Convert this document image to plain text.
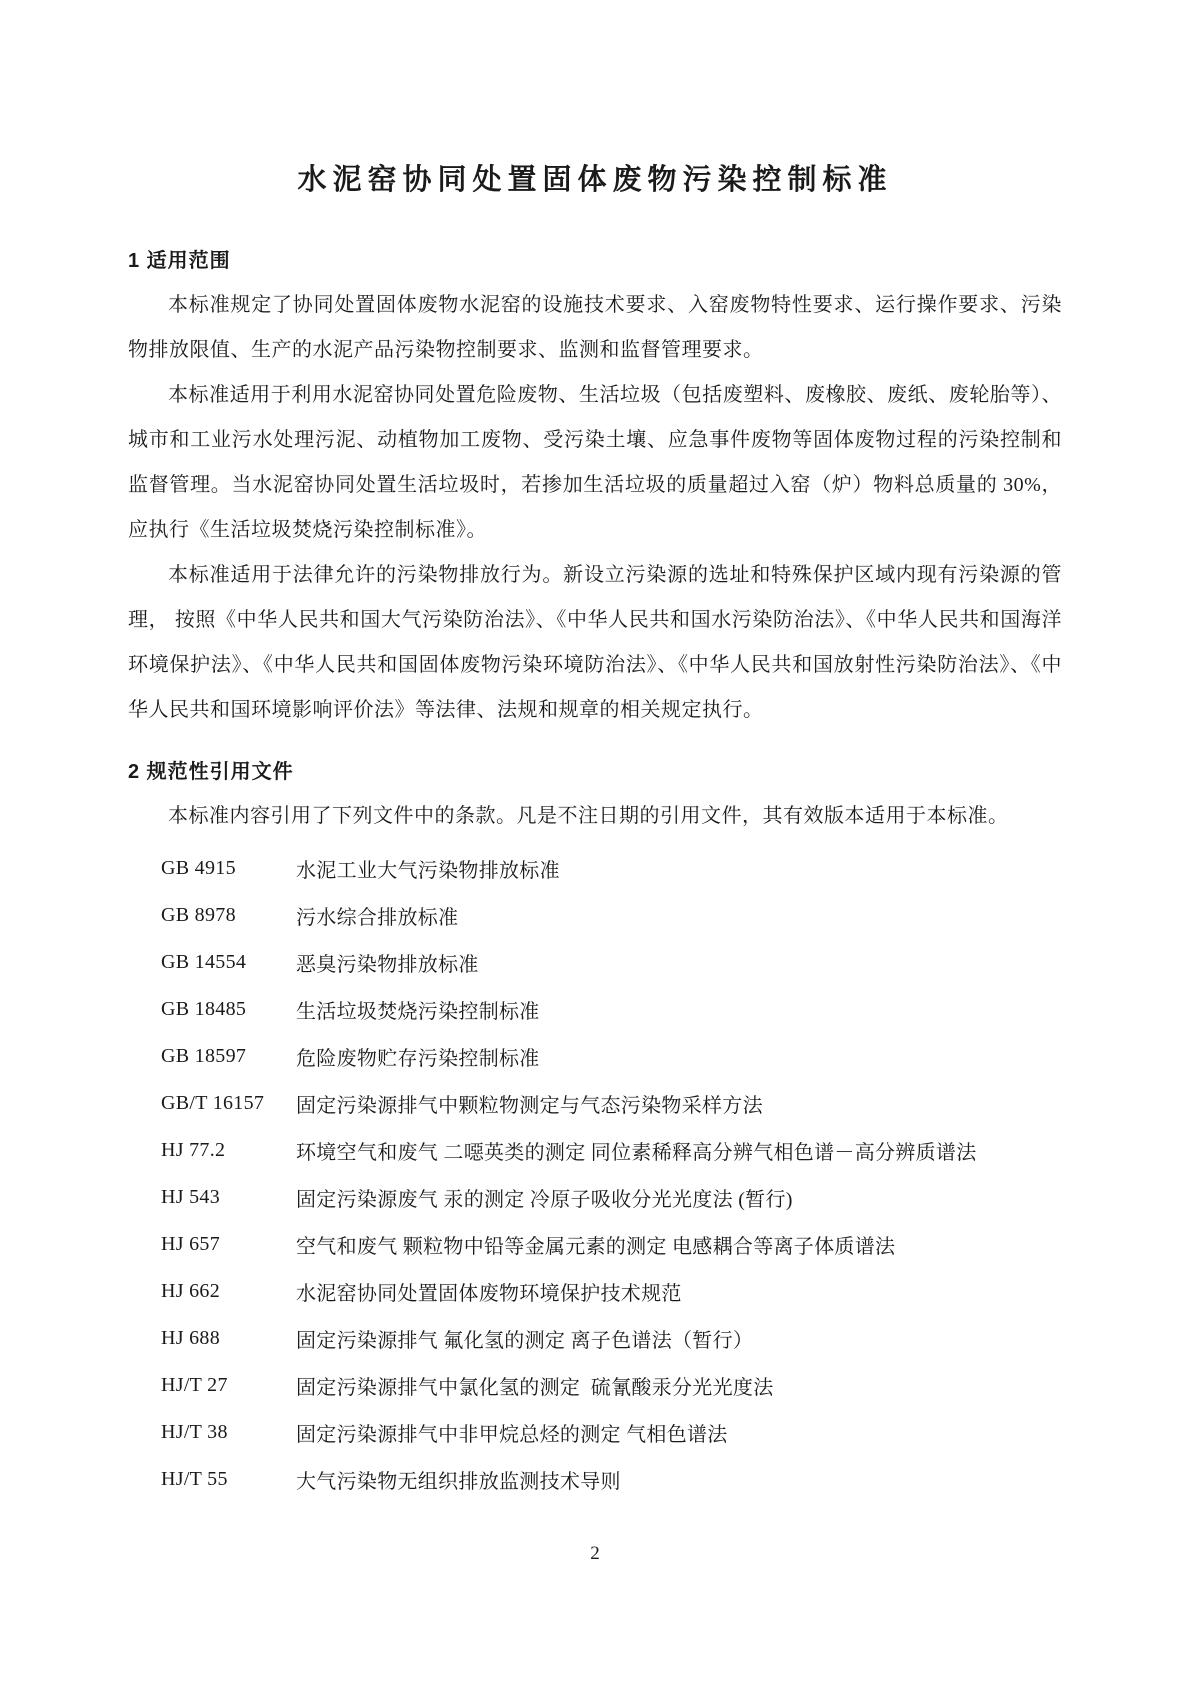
水泥窑协同处置固体废物污染控制标准
1 适用范围

本标准规定了协同处置固体废物水泥窑的设施技术要求、入窑废物特性要求、运行操作要求、污染物排放限值、生产的水泥产品污染物控制要求、监测和监督管理要求。

本标准适用于利用水泥窑协同处置危险废物、生活垃圾（包括废塑料、废橡胶、废纸、废轮胎等）、城市和工业污水处理污泥、动植物加工废物、受污染土壤、应急事件废物等固体废物过程的污染控制和监督管理。当水泥窑协同处置生活垃圾时，若掺加生活垃圾的质量超过入窑（炉）物料总质量的 30%，应执行《生活垃圾焚烧污染控制标准》。

本标准适用于法律允许的污染物排放行为。新设立污染源的选址和特殊保护区域内现有污染源的管理， 按照《中华人民共和国大气污染防治法》、《中华人民共和国水污染防治法》、《中华人民共和国海洋环境保护法》、《中华人民共和国固体废物污染环境防治法》、《中华人民共和国放射性污染防治法》、《中华人民共和国环境影响评价法》等法律、法规和规章的相关规定执行。

2 规范性引用文件

本标准内容引用了下列文件中的条款。凡是不注日期的引用文件，其有效版本适用于本标准。

GB 4915	水泥工业大气污染物排放标准
GB 8978	污水综合排放标准
GB 14554	恶臭污染物排放标准
GB 18485	生活垃圾焚烧污染控制标准
GB 18597	危险废物贮存污染控制标准
GB/T 16157	固定污染源排气中颗粒物测定与气态污染物采样方法
HJ 77.2	环境空气和废气 二噁英类的测定 同位素稀释高分辨气相色谱－高分辨质谱法
HJ 543	固定污染源废气 汞的测定 冷原子吸收分光光度法 (暂行)
HJ 657	空气和废气 颗粒物中铅等金属元素的测定 电感耦合等离子体质谱法
HJ 662	水泥窑协同处置固体废物环境保护技术规范
HJ 688	固定污染源排气 氟化氢的测定 离子色谱法（暂行）
HJ/T 27	固定污染源排气中氯化氢的测定  硫氰酸汞分光光度法
HJ/T 38	固定污染源排气中非甲烷总烃的测定 气相色谱法
HJ/T 55	大气污染物无组织排放监测技术导则
2
